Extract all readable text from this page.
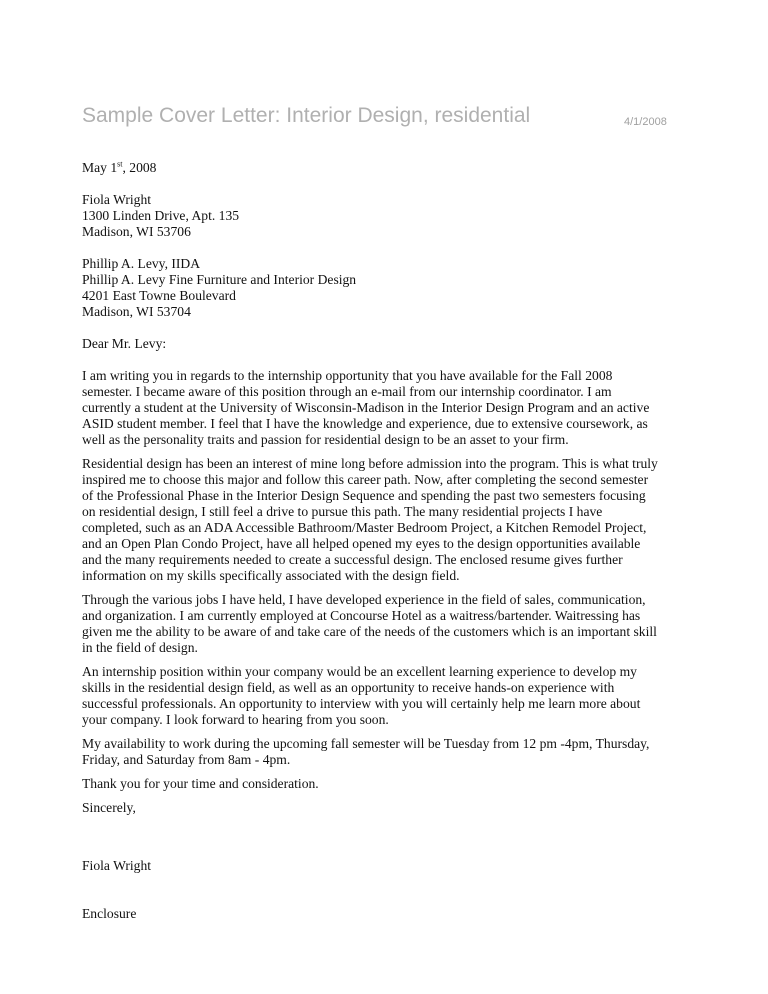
Sample Cover Letter: Interior Design, residential	4/1/2008

May 1st, 2008

Fiola Wright
1300 Linden Drive, Apt. 135
Madison, WI 53706
Phillip A. Levy, IIDA
Phillip A. Levy Fine Furniture and Interior Design
4201 East Towne Boulevard
Madison, WI 53704

Dear Mr. Levy:

I am writing you in regards to the internship opportunity that you have available for the Fall 2008
semester. I became aware of this position through an e-mail from our internship coordinator. I am
currently a student at the University of Wisconsin-Madison in the Interior Design Program and an active
ASID student member. I feel that I have the knowledge and experience, due to extensive coursework, as
well as the personality traits and passion for residential design to be an asset to your firm.

Residential design has been an interest of mine long before admission into the program. This is what truly
inspired me to choose this major and follow this career path. Now, after completing the second semester
of the Professional Phase in the Interior Design Sequence and spending the past two semesters focusing
on residential design, I still feel a drive to pursue this path. The many residential projects I have
completed, such as an ADA Accessible Bathroom/Master Bedroom Project, a Kitchen Remodel Project,
and an Open Plan Condo Project, have all helped opened my eyes to the design opportunities available
and the many requirements needed to create a successful design. The enclosed resume gives further
information on my skills specifically associated with the design field.

Through the various jobs I have held, I have developed experience in the field of sales, communication,
and organization. I am currently employed at Concourse Hotel as a waitress/bartender. Waitressing has
given me the ability to be aware of and take care of the needs of the customers which is an important skill
in the field of design.

An internship position within your company would be an excellent learning experience to develop my
skills in the residential design field, as well as an opportunity to receive hands-on experience with
successful professionals. An opportunity to interview with you will certainly help me learn more about
your company. I look forward to hearing from you soon.

My availability to work during the upcoming fall semester will be Tuesday from 12 pm -4pm, Thursday,
Friday, and Saturday from 8am - 4pm.

Thank you for your time and consideration.

Sincerely,

Fiola Wright

Enclosure
